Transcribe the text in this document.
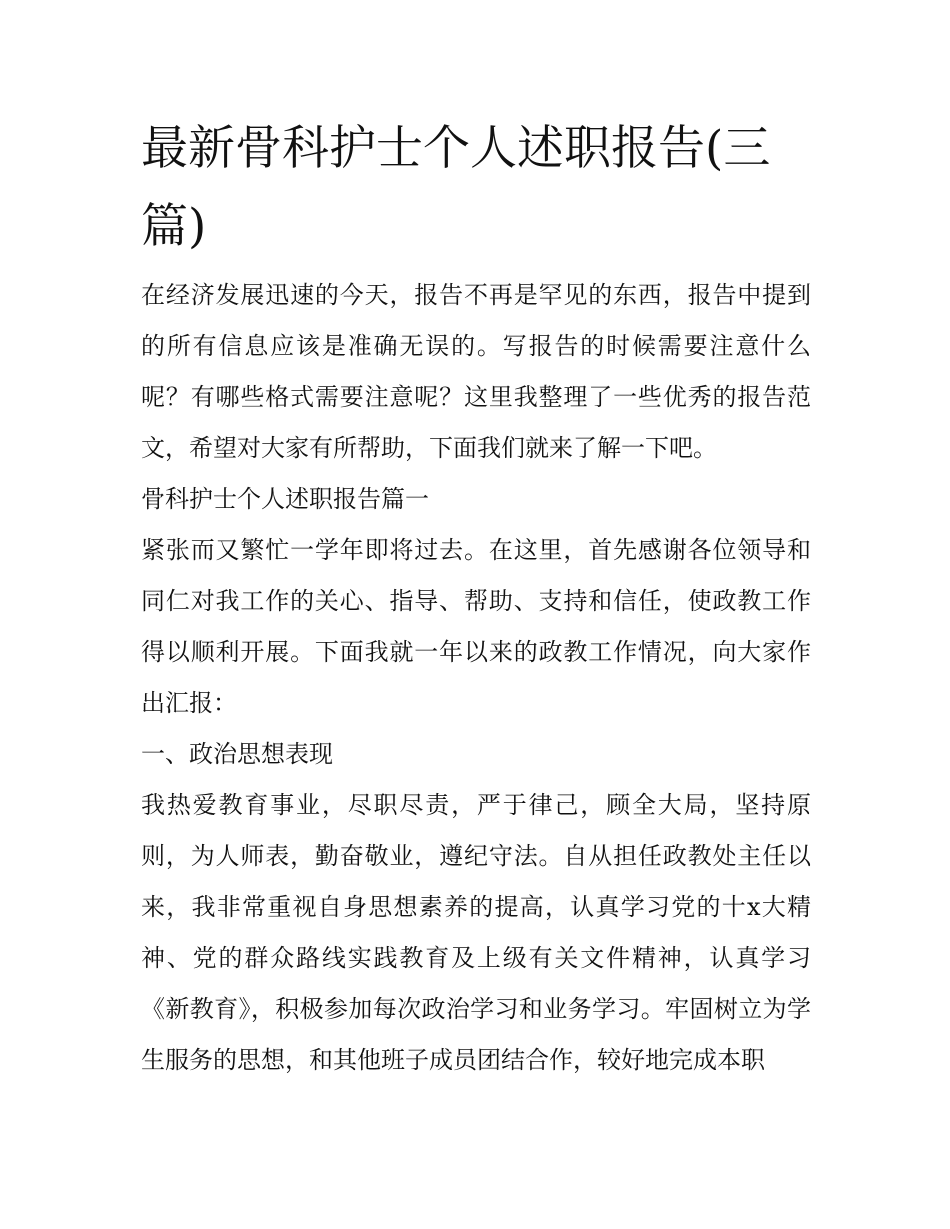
最新骨科护士个人述职报告(三篇)

在经济发展迅速的今天，报告不再是罕见的东西，报告中提到的所有信息应该是准确无误的。写报告的时候需要注意什么呢？有哪些格式需要注意呢？这里我整理了一些优秀的报告范文，希望对大家有所帮助，下面我们就来了解一下吧。

骨科护士个人述职报告篇一

紧张而又繁忙一学年即将过去。在这里，首先感谢各位领导和同仁对我工作的关心、指导、帮助、支持和信任，使政教工作得以顺利开展。下面我就一年以来的政教工作情况，向大家作出汇报：

一、政治思想表现

我热爱教育事业，尽职尽责，严于律己，顾全大局，坚持原则，为人师表，勤奋敬业，遵纪守法。自从担任政教处主任以来，我非常重视自身思想素养的提高，认真学习党的十x大精神、党的群众路线实践教育及上级有关文件精神，认真学习《新教育》，积极参加每次政治学习和业务学习。牢固树立为学生服务的思想，和其他班子成员团结合作，较好地完成本职
